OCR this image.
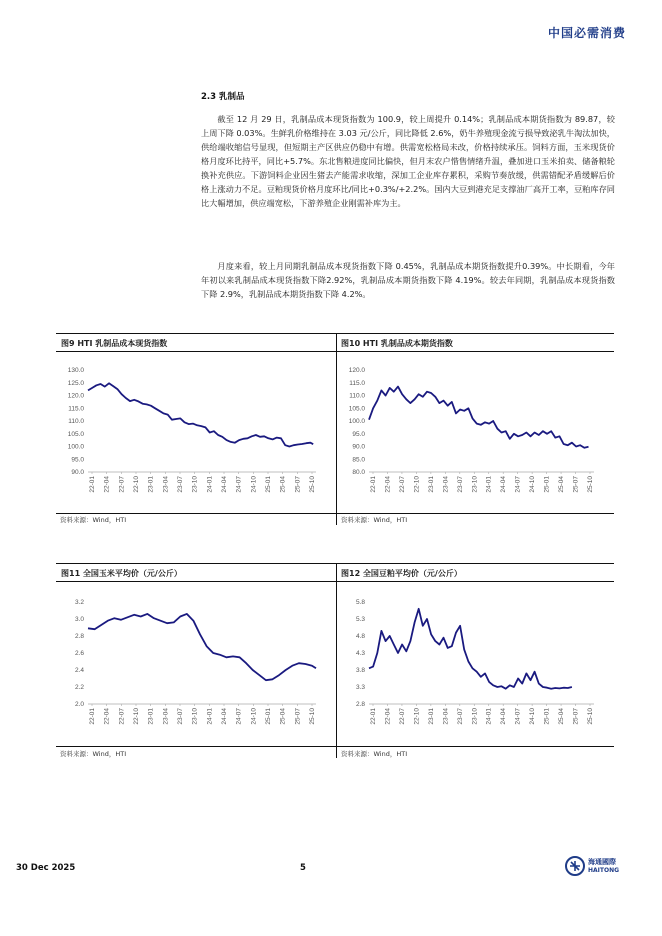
中国必需消费
2.3 乳制品

截至 12 月 29 日，乳制品成本现货指数为 100.9，较上周提升 0.14%；乳制品成本期货指数为 89.87，较上周下降 0.03%。生鲜乳价格维持在 3.03 元/公斤，同比降低 2.6%，奶牛养殖现金流亏损导致泌乳牛淘汰加快，供给端收缩信号显现，但短期主产区供应仍稳中有增。供需宽松格局未改，价格持续承压。饲料方面，玉米现货价格月度环比持平，同比+5.7%。东北售粮进度同比偏快，但月末农户惜售情绪升温，叠加进口玉米拍卖、储备粮轮换补充供应。下游饲料企业因生猪去产能需求收缩，深加工企业库存累积，采购节奏放缓，供需错配矛盾缓解后价格上涨动力不足。豆粕现货价格月度环比/同比+0.3%/+2.2%。国内大豆到港充足支撑油厂高开工率，豆粕库存同比大幅增加，供应端宽松，下游养殖企业刚需补库为主。

月度来看，较上月同期乳制品成本现货指数下降 0.45%，乳制品成本期货指数提升0.39%。中长期看，今年年初以来乳制品成本现货指数下降2.92%，乳制品成本期货指数下降 4.19%。较去年同期，乳制品成本现货指数下降 2.9%，乳制品成本期货指数下降 4.2%。

图9 HTI 乳制品成本现货指数	图10 HTI 乳制品成本期货指数
130.0
125.0
120.0
115.0
110.0
105.0
100.0
95.0
90.0
22-01 22-04 22-07 22-10 23-01 23-04 23-07 23-10 24-01 24-04 24-07 24-10 25-01 25-04 25-07 25-10
120.0
115.0
110.0
105.0
100.0
95.0
90.0
85.0
80.0
22-01 22-04 22-07 22-10 23-01 23-04 23-07 23-10 24-01 24-04 24-07 24-10 25-01 25-04 25-07 25-10
资料来源：Wind，HTI	资料来源：Wind，HTI
图11 全国玉米平均价（元/公斤）	图12 全国豆粕平均价（元/公斤）
3.2
3.0
2.8
2.6
2.4
2.2
2.0
22-01 22-04 22-07 22-10 23-01 23-04 23-07 23-10 24-01 24-04 24-07 24-10 25-01 25-04 25-07 25-10
5.8
5.3
4.8
4.3
3.8
3.3
2.8
22-01 22-04 22-07 22-10 23-01 23-04 23-07 23-10 24-01 24-04 24-07 24-10 25-01 25-04 25-07 25-10
资料来源：Wind，HTI	资料来源：Wind，HTI
30 Dec 2025	5
海通國際
HAITONG
